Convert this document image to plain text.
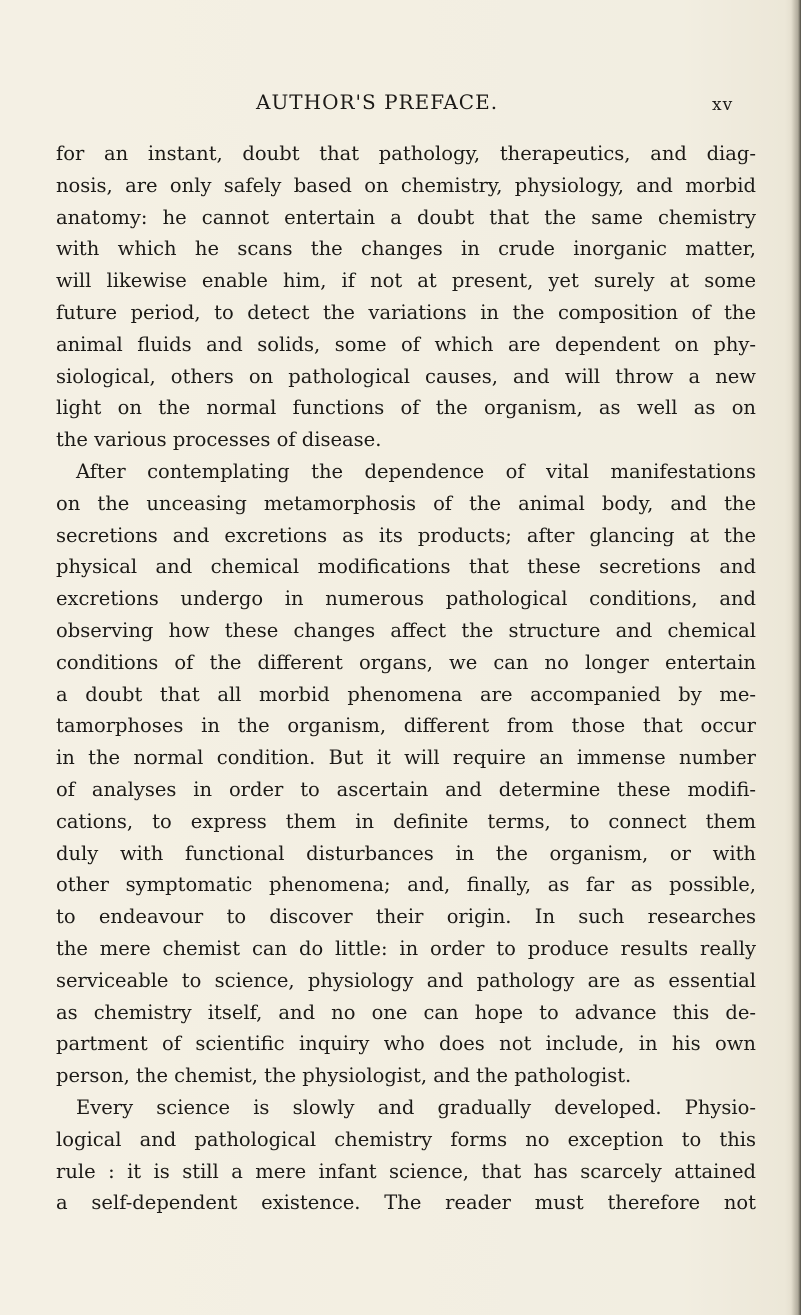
AUTHOR'S PREFACE.	xv
for an instant, doubt that pathology, therapeutics, and diag-
nosis, are only safely based on chemistry, physiology, and morbid
anatomy: he cannot entertain a doubt that the same chemistry
with which he scans the changes in crude inorganic matter,
will likewise enable him, if not at present, yet surely at some
future period, to detect the variations in the composition of the
animal fluids and solids, some of which are dependent on phy-
siological, others on pathological causes, and will throw a new
light on the normal functions of the organism, as well as on
the various processes of disease.
After contemplating the dependence of vital manifestations
on the unceasing metamorphosis of the animal body, and the
secretions and excretions as its products; after glancing at the
physical and chemical modifications that these secretions and
excretions undergo in numerous pathological conditions, and
observing how these changes affect the structure and chemical
conditions of the different organs, we can no longer entertain
a doubt that all morbid phenomena are accompanied by me-
tamorphoses in the organism, different from those that occur
in the normal condition. But it will require an immense number
of analyses in order to ascertain and determine these modifi-
cations, to express them in definite terms, to connect them
duly with functional disturbances in the organism, or with
other symptomatic phenomena; and, finally, as far as possible,
to endeavour to discover their origin. In such researches
the mere chemist can do little: in order to produce results really
serviceable to science, physiology and pathology are as essential
as chemistry itself, and no one can hope to advance this de-
partment of scientific inquiry who does not include, in his own
person, the chemist, the physiologist, and the pathologist.
Every science is slowly and gradually developed. Physio-
logical and pathological chemistry forms no exception to this
rule : it is still a mere infant science, that has scarcely attained
a self-dependent existence. The reader must therefore not
